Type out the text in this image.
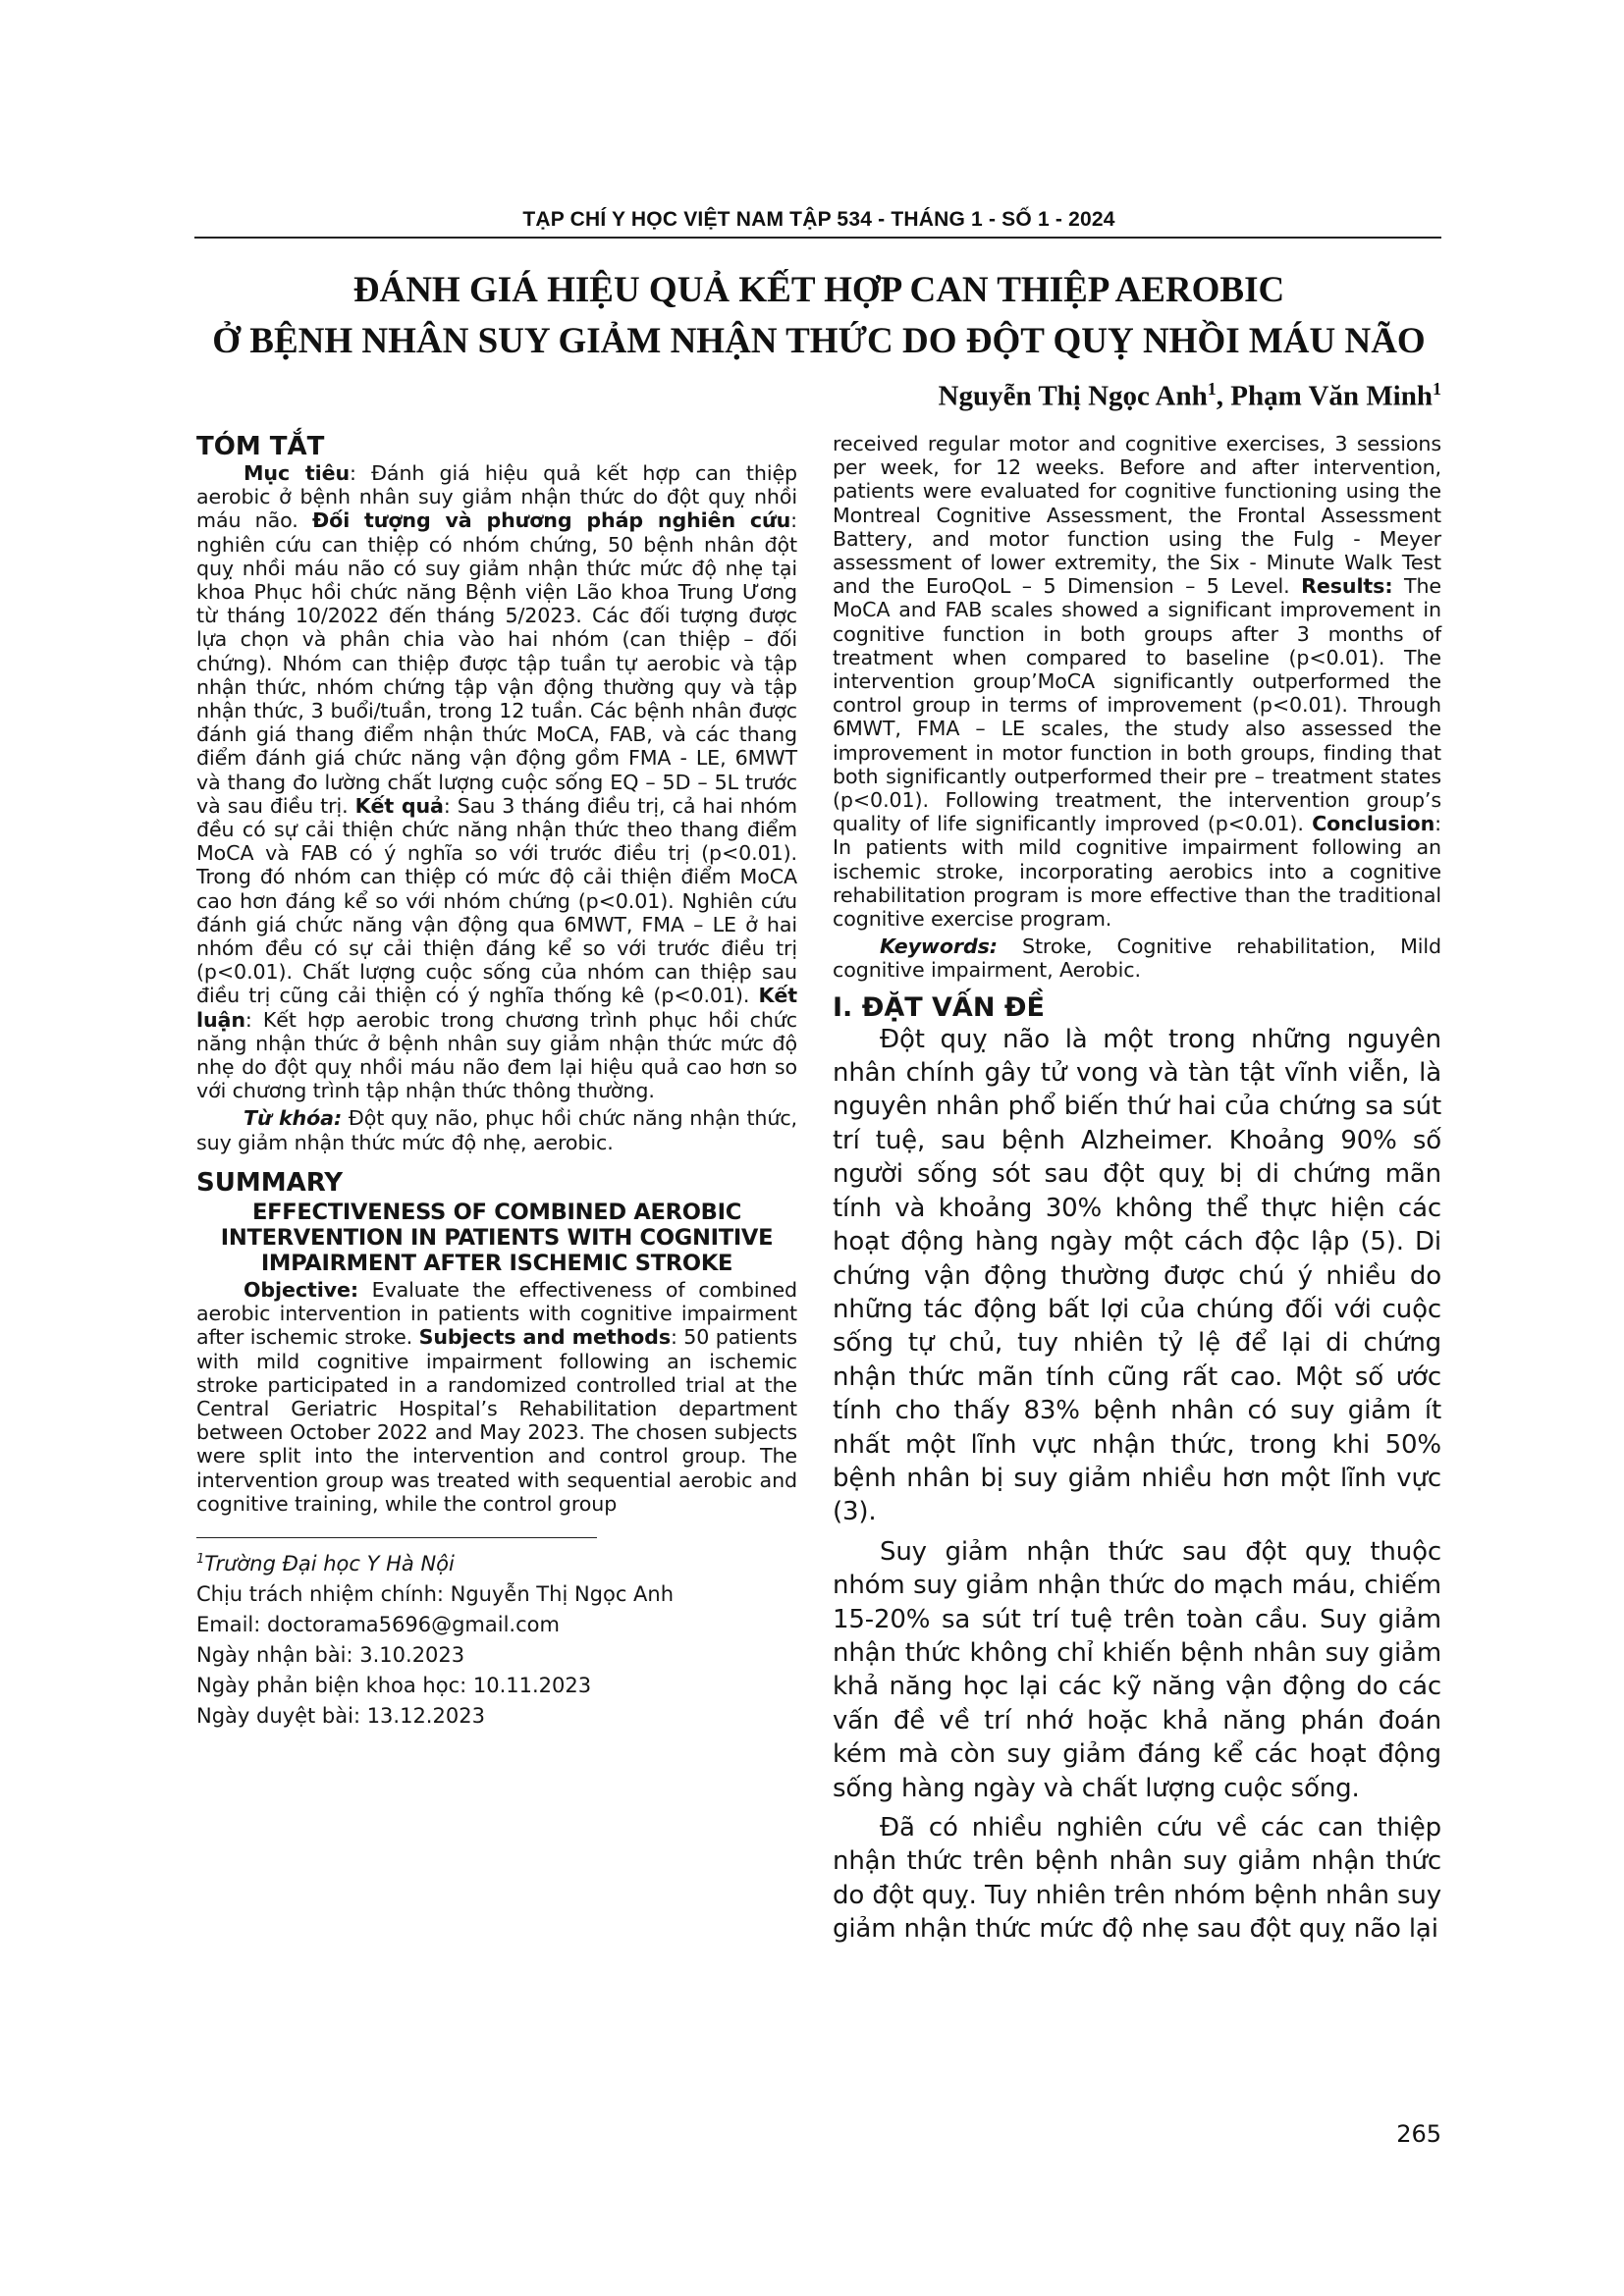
TẠP CHÍ Y HỌC VIỆT NAM TẬP 534 - THÁNG 1 - SỐ 1 - 2024
ĐÁNH GIÁ HIỆU QUẢ KẾT HỢP CAN THIỆP AEROBIC
Ở BỆNH NHÂN SUY GIẢM NHẬN THỨC DO ĐỘT QUỴ NHỒI MÁU NÃO
Nguyễn Thị Ngọc Anh$^1$, Phạm Văn Minh$^1$
TÓM TẮT

Mục tiêu: Đánh giá hiệu quả kết hợp can thiệp aerobic ở bệnh nhân suy giảm nhận thức do đột quỵ nhồi máu não. Đối tượng và phương pháp nghiên cứu: nghiên cứu can thiệp có nhóm chứng, 50 bệnh nhân đột quỵ nhồi máu não có suy giảm nhận thức mức độ nhẹ tại khoa Phục hồi chức năng Bệnh viện Lão khoa Trung Ương từ tháng 10/2022 đến tháng 5/2023. Các đối tượng được lựa chọn và phân chia vào hai nhóm (can thiệp – đối chứng). Nhóm can thiệp được tập tuần tự aerobic và tập nhận thức, nhóm chứng tập vận động thường quy và tập nhận thức, 3 buổi/tuần, trong 12 tuần. Các bệnh nhân được đánh giá thang điểm nhận thức MoCA, FAB, và các thang điểm đánh giá chức năng vận động gồm FMA - LE, 6MWT và thang đo lường chất lượng cuộc sống EQ – 5D – 5L trước và sau điều trị. Kết quả: Sau 3 tháng điều trị, cả hai nhóm đều có sự cải thiện chức năng nhận thức theo thang điểm MoCA và FAB có ý nghĩa so với trước điều trị (p<0.01). Trong đó nhóm can thiệp có mức độ cải thiện điểm MoCA cao hơn đáng kể so với nhóm chứng (p<0.01). Nghiên cứu đánh giá chức năng vận động qua 6MWT, FMA – LE ở hai nhóm đều có sự cải thiện đáng kể so với trước điều trị (p<0.01). Chất lượng cuộc sống của nhóm can thiệp sau điều trị cũng cải thiện có ý nghĩa thống kê (p<0.01). Kết luận: Kết hợp aerobic trong chương trình phục hồi chức năng nhận thức ở bệnh nhân suy giảm nhận thức mức độ nhẹ do đột quỵ nhồi máu não đem lại hiệu quả cao hơn so với chương trình tập nhận thức thông thường.

Từ khóa: Đột quỵ não, phục hồi chức năng nhận thức, suy giảm nhận thức mức độ nhẹ, aerobic.

SUMMARY
EFFECTIVENESS OF COMBINED AEROBIC
INTERVENTION IN PATIENTS WITH COGNITIVE
IMPAIRMENT AFTER ISCHEMIC STROKE

Objective: Evaluate the effectiveness of combined aerobic intervention in patients with cognitive impairment after ischemic stroke. Subjects and methods: 50 patients with mild cognitive impairment following an ischemic stroke participated in a randomized controlled trial at the Central Geriatric Hospital’s Rehabilitation department between October 2022 and May 2023. The chosen subjects were split into the intervention and control group. The intervention group was treated with sequential aerobic and cognitive training, while the control group

$^1$Trường Đại học Y Hà Nội

Chịu trách nhiệm chính: Nguyễn Thị Ngọc Anh

Email: doctorama5696@gmail.com

Ngày nhận bài: 3.10.2023

Ngày phản biện khoa học: 10.11.2023

Ngày duyệt bài: 13.12.2023

received regular motor and cognitive exercises, 3 sessions per week, for 12 weeks. Before and after intervention, patients were evaluated for cognitive functioning using the Montreal Cognitive Assessment, the Frontal Assessment Battery, and motor function using the Fulg - Meyer assessment of lower extremity, the Six - Minute Walk Test and the EuroQoL – 5 Dimension – 5 Level. Results: The MoCA and FAB scales showed a significant improvement in cognitive function in both groups after 3 months of treatment when compared to baseline (p<0.01). The intervention group’MoCA significantly outperformed the control group in terms of improvement (p<0.01). Through 6MWT, FMA – LE scales, the study also assessed the improvement in motor function in both groups, finding that both significantly outperformed their pre – treatment states (p<0.01). Following treatment, the intervention group’s quality of life significantly improved (p<0.01). Conclusion: In patients with mild cognitive impairment following an ischemic stroke, incorporating aerobics into a cognitive rehabilitation program is more effective than the traditional cognitive exercise program.

Keywords: Stroke, Cognitive rehabilitation, Mild cognitive impairment, Aerobic.

I. ĐẶT VẤN ĐỀ

Đột quỵ não là một trong những nguyên nhân chính gây tử vong và tàn tật vĩnh viễn, là nguyên nhân phổ biến thứ hai của chứng sa sút trí tuệ, sau bệnh Alzheimer. Khoảng 90% số người sống sót sau đột quỵ bị di chứng mãn tính và khoảng 30% không thể thực hiện các hoạt động hàng ngày một cách độc lập (5). Di chứng vận động thường được chú ý nhiều do những tác động bất lợi của chúng đối với cuộc sống tự chủ, tuy nhiên tỷ lệ để lại di chứng nhận thức mãn tính cũng rất cao. Một số ước tính cho thấy 83% bệnh nhân có suy giảm ít nhất một lĩnh vực nhận thức, trong khi 50% bệnh nhân bị suy giảm nhiều hơn một lĩnh vực (3).

Suy giảm nhận thức sau đột quỵ thuộc nhóm suy giảm nhận thức do mạch máu, chiếm 15-20% sa sút trí tuệ trên toàn cầu. Suy giảm nhận thức không chỉ khiến bệnh nhân suy giảm khả năng học lại các kỹ năng vận động do các vấn đề về trí nhớ hoặc khả năng phán đoán kém mà còn suy giảm đáng kể các hoạt động sống hàng ngày và chất lượng cuộc sống.

Đã có nhiều nghiên cứu về các can thiệp nhận thức trên bệnh nhân suy giảm nhận thức do đột quỵ. Tuy nhiên trên nhóm bệnh nhân suy giảm nhận thức mức độ nhẹ sau đột quỵ não lại

265
